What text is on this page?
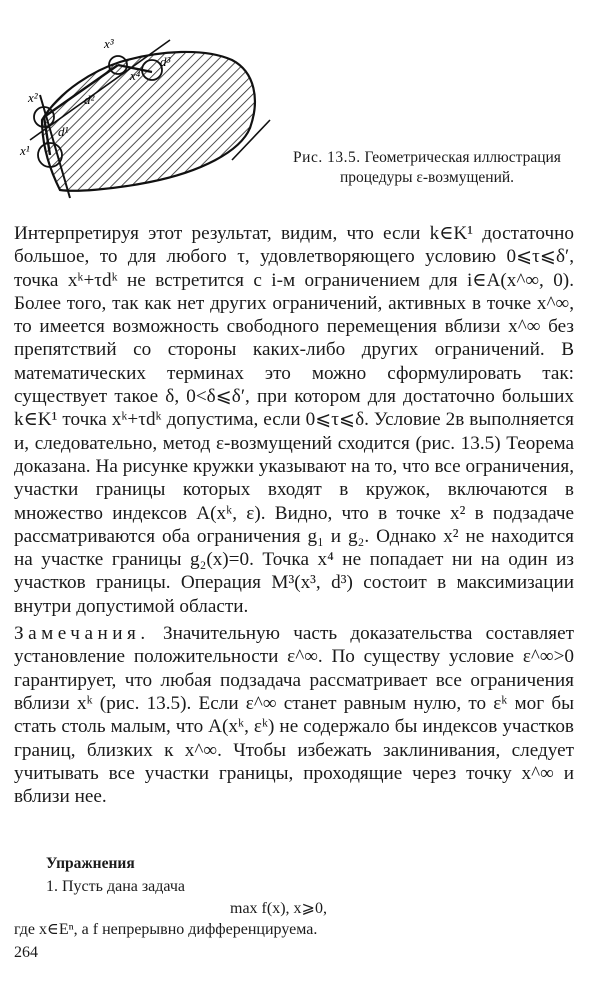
x¹
x²
x³
x⁴
d¹
d²
d³
Рис. 13.5. Геометрическая иллюстрация процедуры ε-возмущений.

Интерпретируя этот результат, видим, что если k∈K¹ достаточно большое, то для любого τ, удовлетворяющего условию 0⩽τ⩽δ′, точка xᵏ+τdᵏ не встретится с i-м ограничением для i∈A(x^∞, 0). Более того, так как нет других ограничений, активных в точке x^∞, то имеется возможность свободного перемещения вблизи x^∞ без препятствий со стороны каких-либо других ограничений. В математических терминах это можно сформулировать так: существует такое δ, 0<δ⩽δ′, при котором для достаточно больших k∈K¹ точка xᵏ+τdᵏ допустима, если 0⩽τ⩽δ. Условие 2в выполняется и, следовательно, метод ε-возмущений сходится (рис. 13.5) Теорема доказана. На рисунке кружки указывают на то, что все ограничения, участки границы которых входят в кружок, включаются в множество индексов A(xᵏ, ε). Видно, что в точке x² в подзадаче рассматриваются оба ограничения g₁ и g₂. Однако x² не находится на участке границы g₂(x)=0. Точка x⁴ не попадает ни на один из участков границы. Операция M³(x³, d³) состоит в максимизации внутри допустимой области.

Замечания. Значительную часть доказательства составляет установление положительности ε^∞. По существу условие ε^∞>0 гарантирует, что любая подзадача рассматривает все ограничения вблизи xᵏ (рис. 13.5). Если ε^∞ станет равным нулю, то εᵏ мог бы стать столь малым, что A(xᵏ, εᵏ) не содержало бы индексов участков границ, близких к x^∞. Чтобы избежать заклинивания, следует учитывать все участки границы, проходящие через точку x^∞ и вблизи нее.

Упражнения
1. Пусть дана задача
max f(x), x⩾0,
где x∈Eⁿ, а f непрерывно дифференцируема.
264
